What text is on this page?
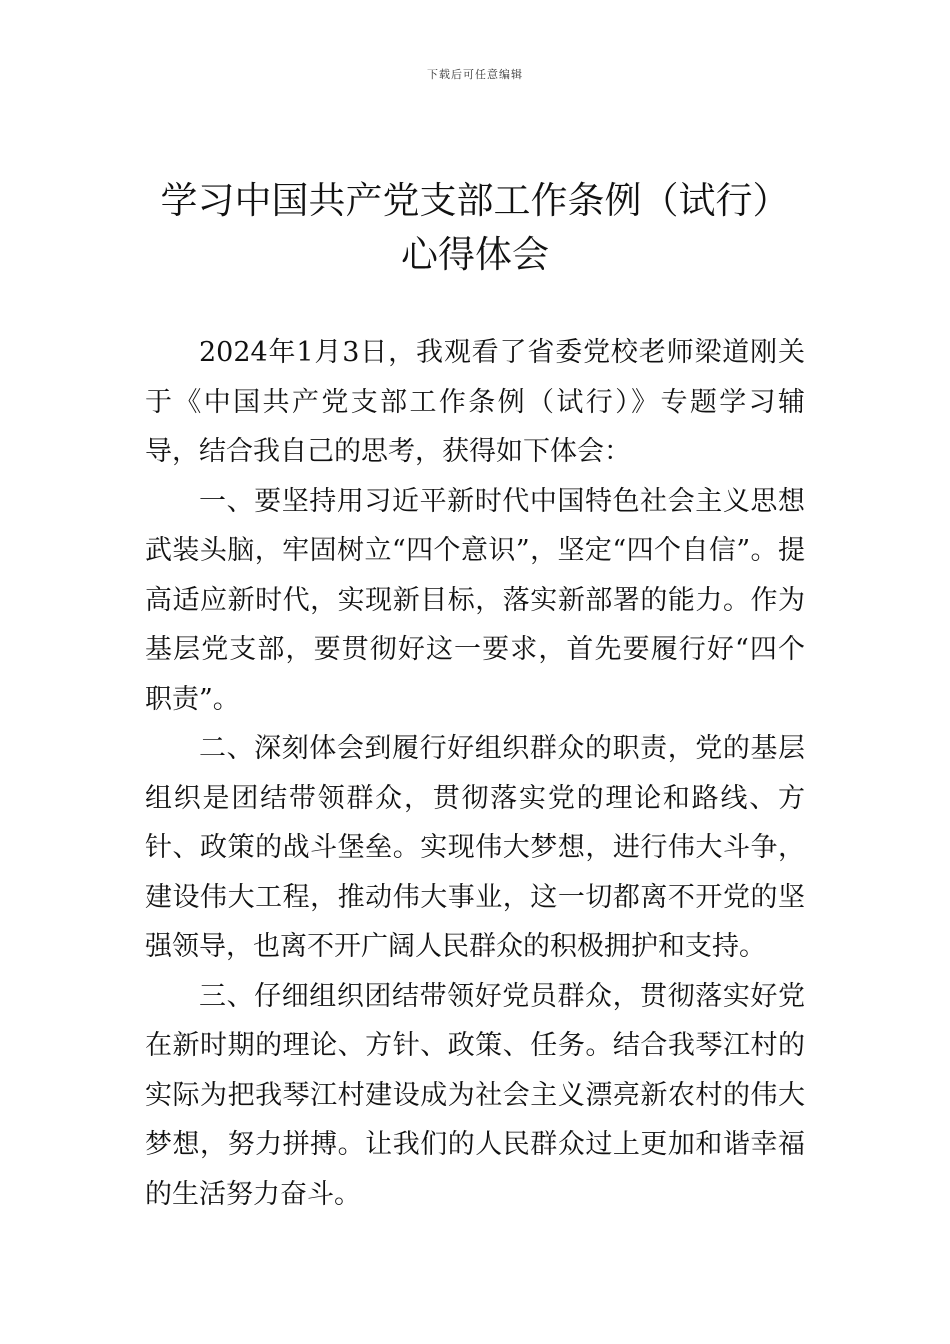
下载后可任意编辑
学习中国共产党支部工作条例（试行）心得体会

2024年1月3日，我观看了省委党校老师梁道刚关于《中国共产党支部工作条例（试行）》专题学习辅导，结合我自己的思考，获得如下体会：

一、要坚持用习近平新时代中国特色社会主义思想武装头脑，牢固树立“四个意识”，坚定“四个自信”。提高适应新时代，实现新目标，落实新部署的能力。作为基层党支部，要贯彻好这一要求，首先要履行好“四个职责”。

二、深刻体会到履行好组织群众的职责，党的基层组织是团结带领群众，贯彻落实党的理论和路线、方针、政策的战斗堡垒。实现伟大梦想，进行伟大斗争，建设伟大工程，推动伟大事业，这一切都离不开党的坚强领导，也离不开广阔人民群众的积极拥护和支持。

三、仔细组织团结带领好党员群众，贯彻落实好党在新时期的理论、方针、政策、任务。结合我琴江村的实际为把我琴江村建设成为社会主义漂亮新农村的伟大梦想，努力拼搏。让我们的人民群众过上更加和谐幸福的生活努力奋斗。
